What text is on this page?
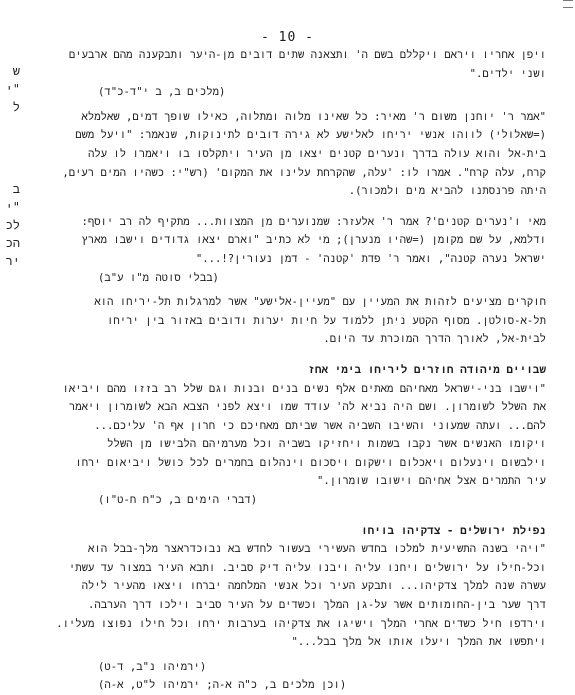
- 10 -
ש
"י
ל
ב
"י
לכ
הכ
יר

ויפן אחריו ויראם ויקללם בשם ה' ותצאנה שתים דובים מן-היער ותבקענה מהם ארבעים

ושני ילדים."

(מלכים ב, ב י"ד-כ"ד)

"אמר ר' יוחנן משום ר' מאיר: כל שאינו מלוה ומתלוה, כאילו שופך דמים, שאלמלא

(=שאלולי) לווהו אנשי יריחו לאלישע לא גירה דובים לתינוקות, שנאמר: "ויעל משם

בית-אל והוא עולה בדרך ונערים קטנים יצאו מן העיר ויתקלסו בו ויאמרו לו עלה

קרח, עלה קרח". אמרו לו: 'עלה, שהקרחת עלינו את המקום' (רש"י: כשהיו המים רעים,

היתה פרנסתנו להביא מים ולמכור).

מאי ו'נערים קטנים'? אמר ר' אלעזר: שמנוערים מן המצוות... מתקיף לה רב יוסף:

ודלמא, על שם מקומן (=שהיו מנערן); מי לא כתיב "וארם יצאו גדודים וישבו מארץ

ישראל נערה קטנה", ואמר ר' פדת 'קטנה' - דמן נעורין?!..."

(בבלי סוטה מ"ו ע"ב)

חוקרים מציעים לזהות את המעיין עם "מעיין-אלישע" אשר למרגלות תל-יריחו הוא

תל-א-סולטן. מסוף הקטע ניתן ללמוד על חיות יערות ודובים באזור בין יריחו

לבית-אל, לאורך הדרך המוכרת עד היום.

שבויים מיהודה חוזרים ליריחו בימי אחז

"וישבו בני-ישראל מאחיהם מאתים אלף נשים בנים ובנות וגם שלל רב בזזו מהם ויביאו

את השלל לשומרון. ושם היה נביא לה' עודד שמו ויצא לפני הצבא הבא לשומרון ויאמר

להם... ועתה שמעוני והשיבו השביה אשר שביתם מאחיכם כי חרון אף ה' עליכם...

ויקומו האנשים אשר נקבו בשמות ויחזיקו בשביה וכל מערמיהם הלבישו מן השלל

וילבשום וינעלום ויאכלום וישקום ויסכום וינהלום בחמרים לכל כושל ויביאום ירחו

עיר התמרים אצל אחיהם וישובו שומרון."

(דברי הימים ב, כ"ח ח-ט"ו)

נפילת ירושלים - צדקיהו בויחו

"ויהי בשנה התשיעית למלכו בחדש העשירי בעשור לחדש בא נבוכדראצר מלך-בבל הוא

וכל-חילו על ירושלים ויחנו עליה ויבנו עליה דיק סביב. ותבא העיר במצור עד עשתי

עשרה שנה למלך צדקיהו... ותבקע העיר וכל אנשי המלחמה יברחו ויצאו מהעיר לילה

דרך שער בין-החומותים אשר על-גן המלך וכשדים על העיר סביב וילכו דרך הערבה.

וירדפו חיל כשדים אחרי המלך וישיגו את צדקיהו בערבות ירחו וכל חילו נפוצו מעליו.

ויתפשו את המלך ויעלו אותו אל מלך בבל..."

(ירמיהו נ"ב, ד-ט)

(וכן מלכים ב, כ"ה א-ה; ירמיהו ל"ט, א-ה)
